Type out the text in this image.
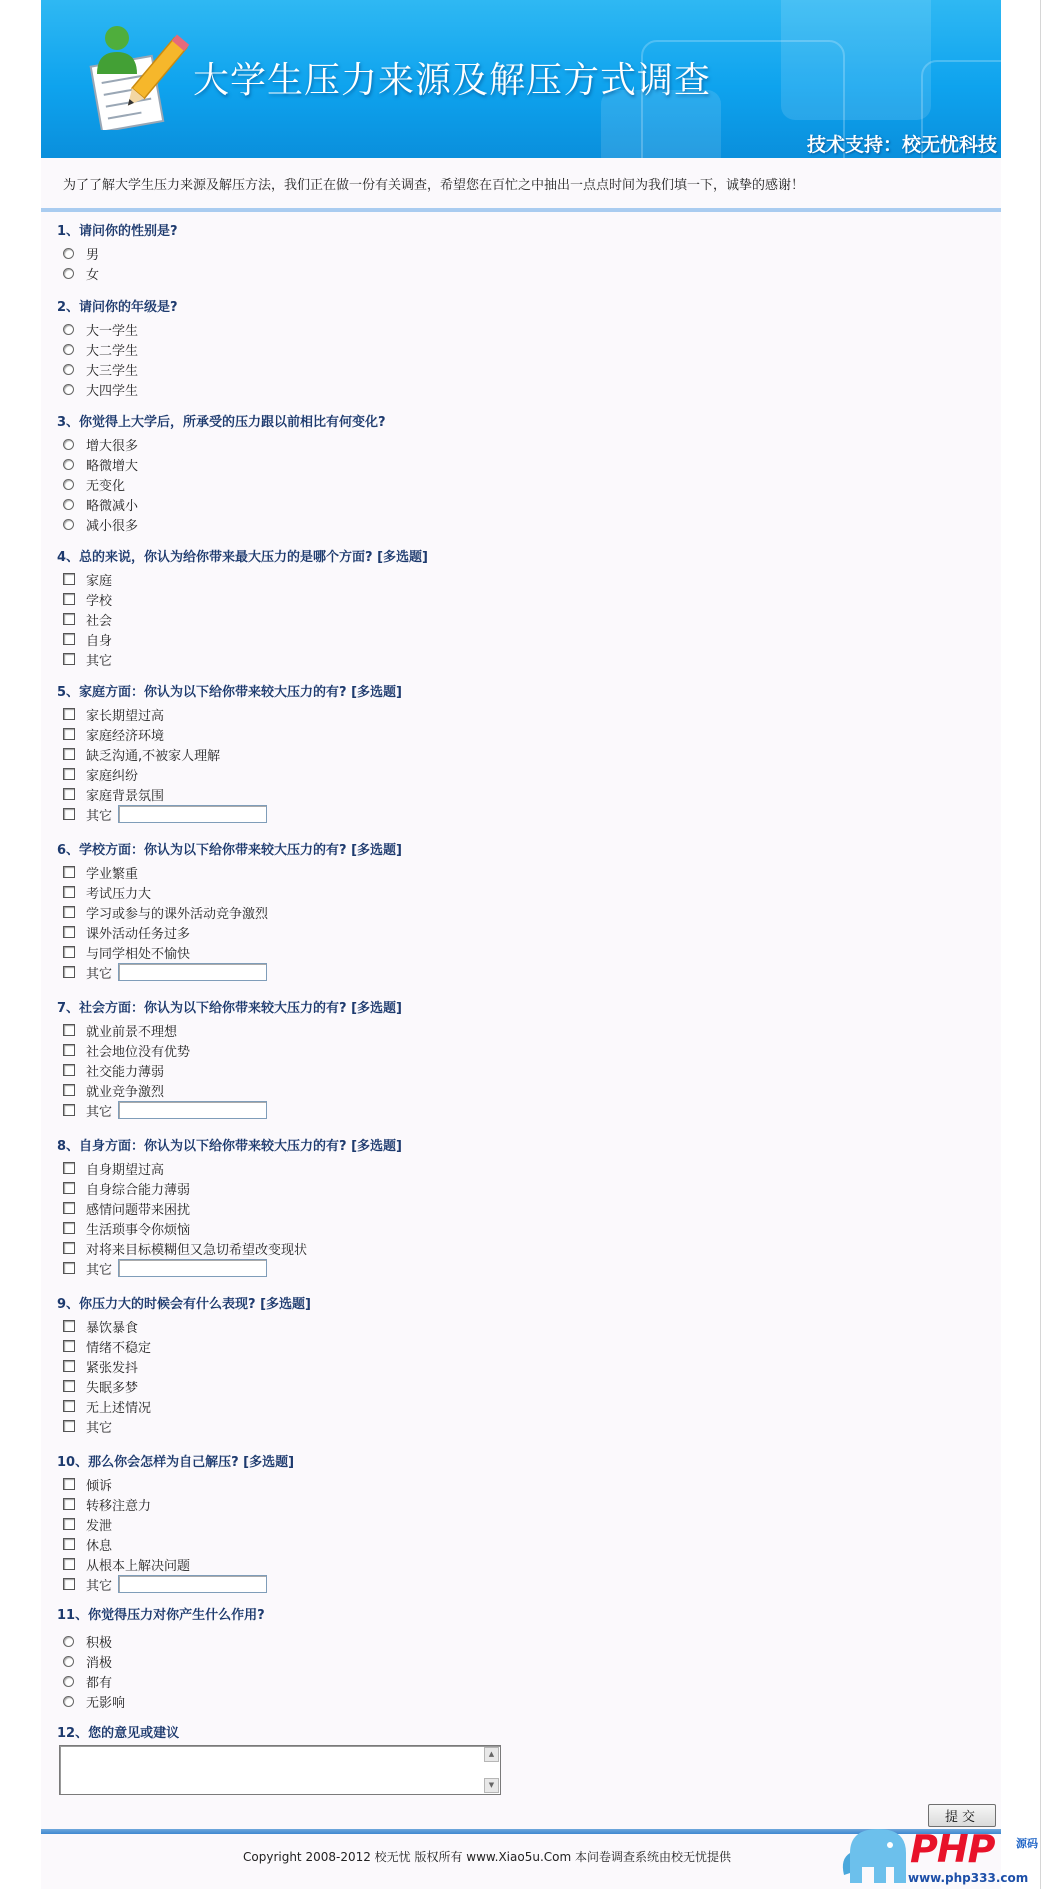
大学生压力来源及解压方式调查
技术支持：校无忧科技
为了了解大学生压力来源及解压方法，我们正在做一份有关调查，希望您在百忙之中抽出一点点时间为我们填一下，诚挚的感谢！
1、请问你的性别是?
男
女
2、请问你的年级是?
大一学生
大二学生
大三学生
大四学生
3、你觉得上大学后，所承受的压力跟以前相比有何变化?
增大很多
略微增大
无变化
略微减小
减小很多
4、总的来说，你认为给你带来最大压力的是哪个方面? [多选题]
家庭
学校
社会
自身
其它
5、家庭方面：你认为以下给你带来较大压力的有? [多选题]
家长期望过高
家庭经济环境
缺乏沟通,不被家人理解
家庭纠纷
家庭背景氛围
其它
6、学校方面：你认为以下给你带来较大压力的有? [多选题]
学业繁重
考试压力大
学习或参与的课外活动竞争激烈
课外活动任务过多
与同学相处不愉快
其它
7、社会方面：你认为以下给你带来较大压力的有? [多选题]
就业前景不理想
社会地位没有优势
社交能力薄弱
就业竞争激烈
其它
8、自身方面：你认为以下给你带来较大压力的有? [多选题]
自身期望过高
自身综合能力薄弱
感情问题带来困扰
生活琐事令你烦恼
对将来目标模糊但又急切希望改变现状
其它
9、你压力大的时候会有什么表现? [多选题]
暴饮暴食
情绪不稳定
紧张发抖
失眠多梦
无上述情况
其它
10、那么你会怎样为自己解压? [多选题]
倾诉
转移注意力
发泄
休息
从根本上解决问题
其它
11、你觉得压力对你产生什么作用?
积极
消极
都有
无影响
12、您的意见或建议
▲
▼
提交
Copyright 2008-2012 校无忧 版权所有 www.Xiao5u.Com 本问卷调查系统由校无忧提供	PHP 源码
www.php333.com
